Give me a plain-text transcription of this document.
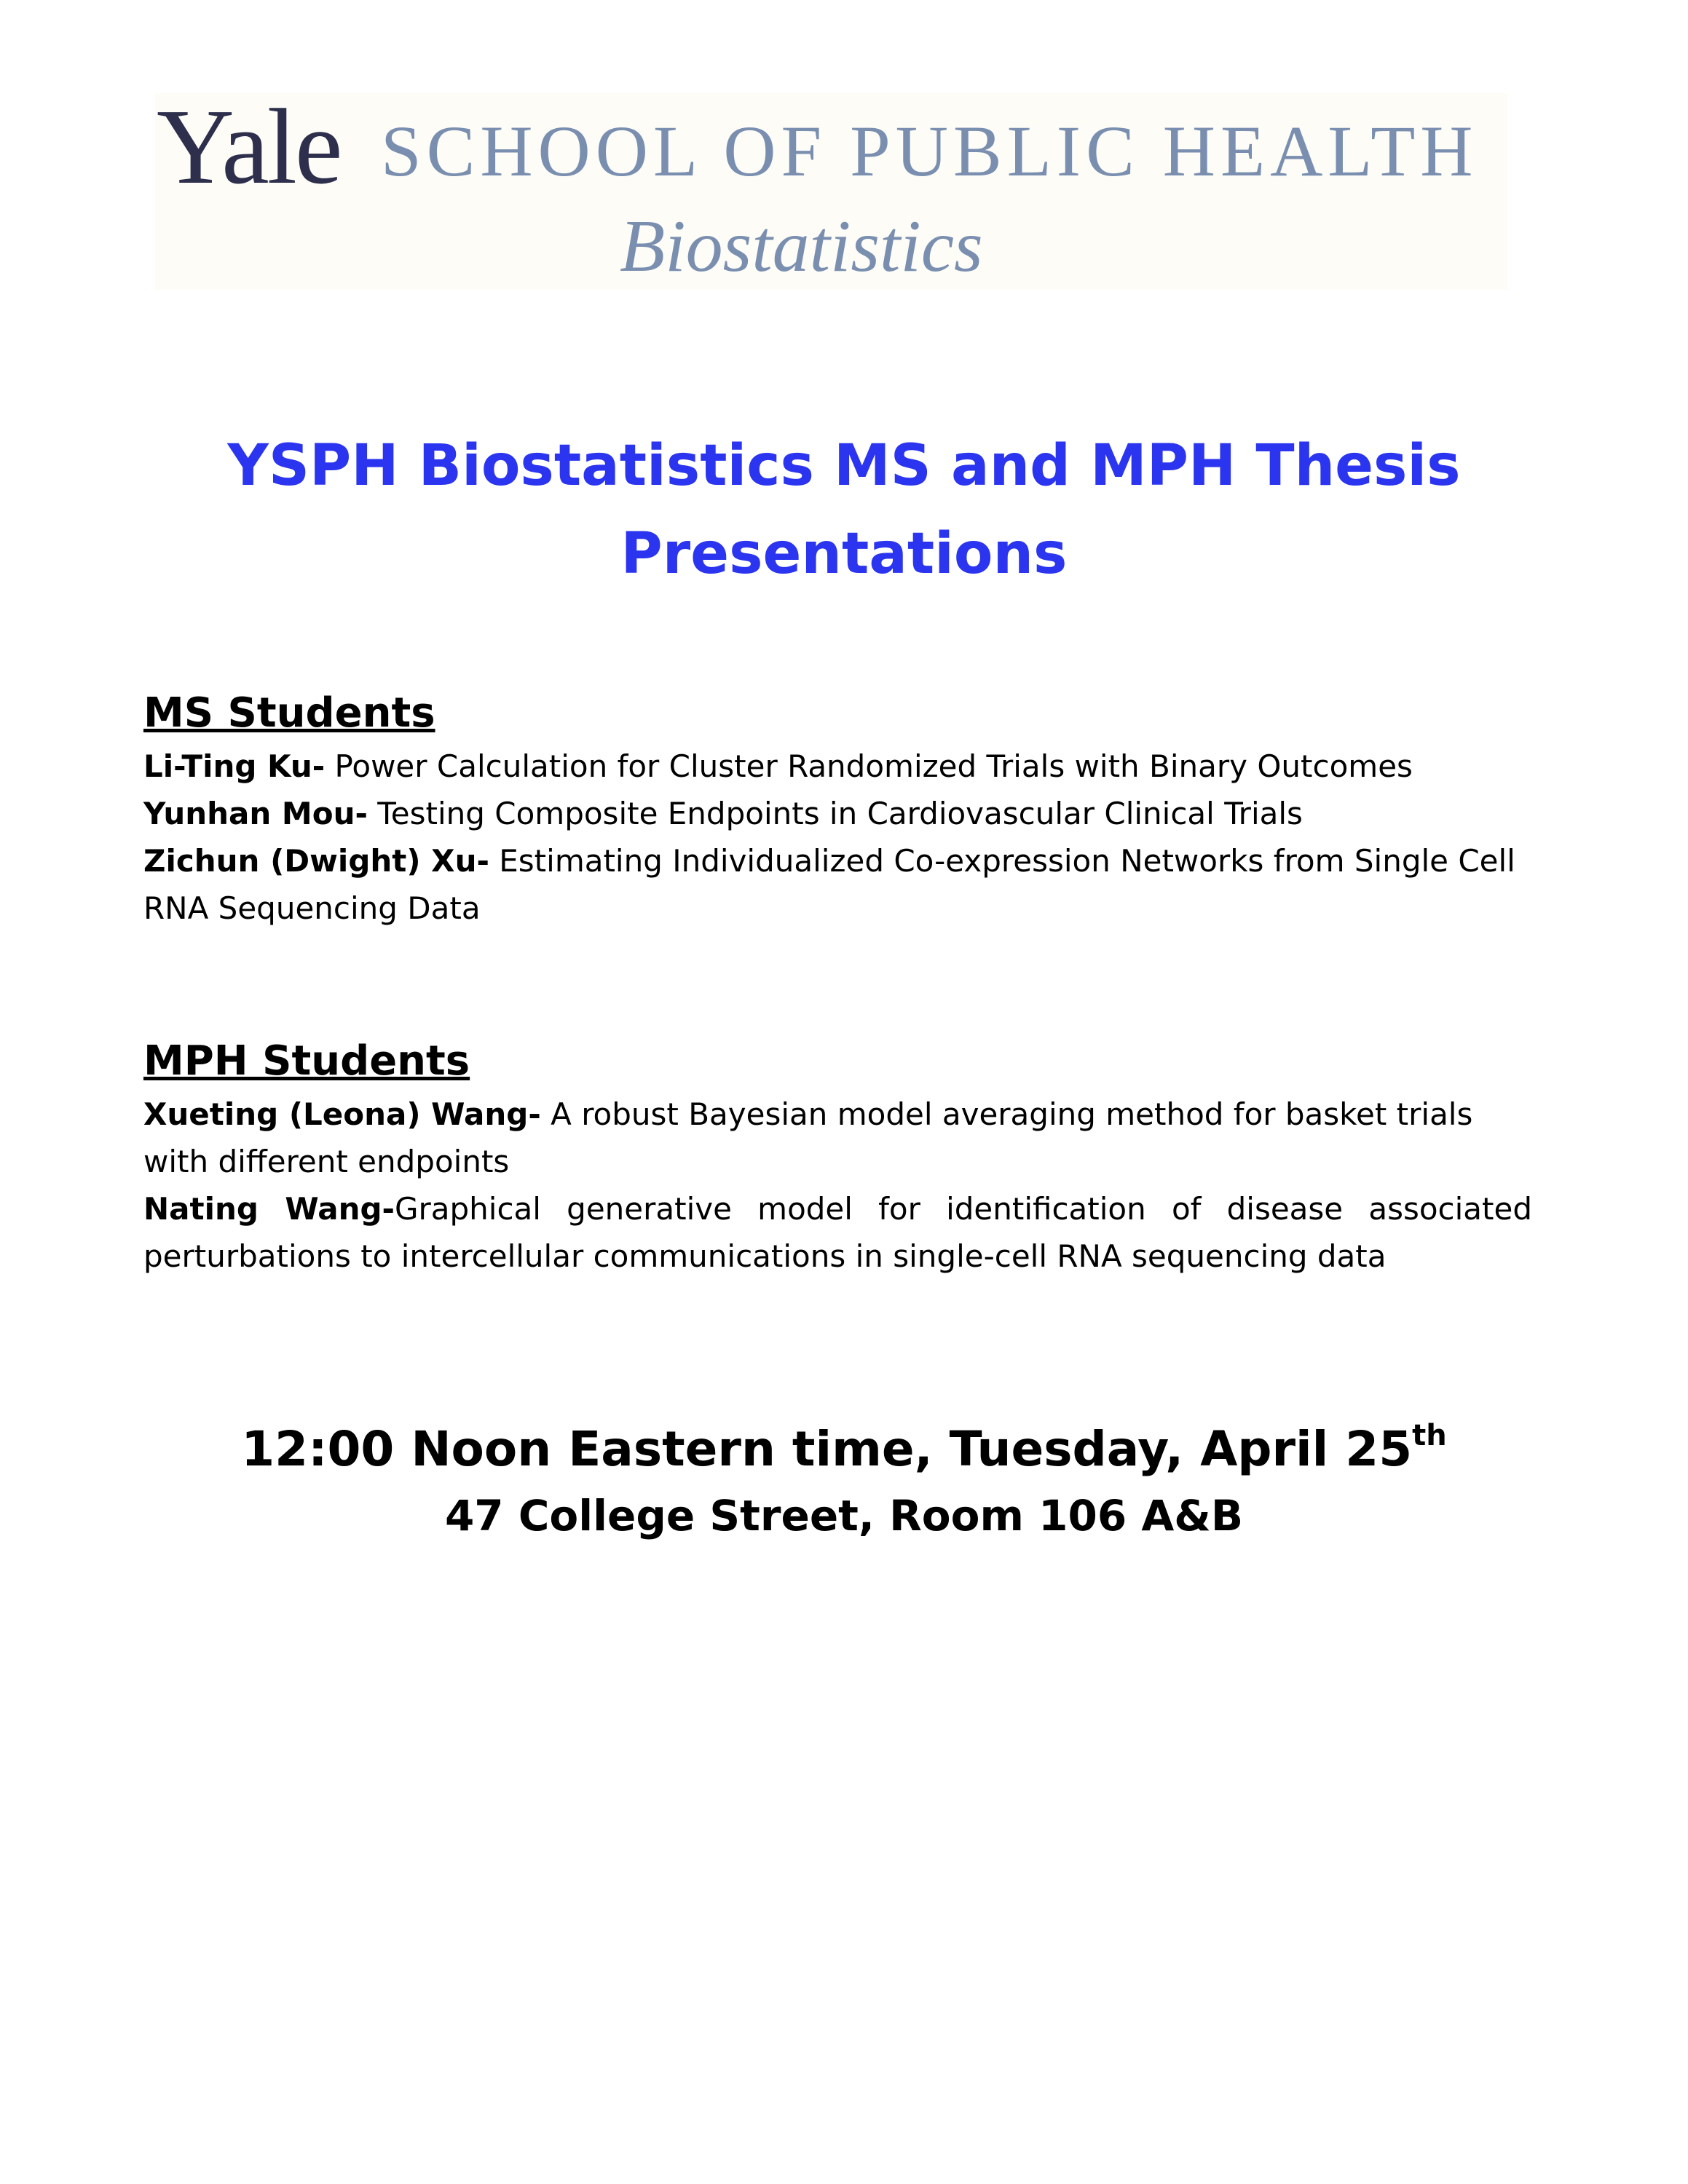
Yale SCHOOL OF PUBLIC HEALTH
Biostatistics
YSPH Biostatistics MS and MPH Thesis
Presentations

MS Students

Li-Ting Ku- Power Calculation for Cluster Randomized Trials with Binary Outcomes

Yunhan Mou- Testing Composite Endpoints in Cardiovascular Clinical Trials

Zichun (Dwight) Xu- Estimating Individualized Co-expression Networks from Single Cell RNA Sequencing Data

MPH Students

Xueting (Leona) Wang- A robust Bayesian model averaging method for basket trials with different endpoints

Nating Wang-Graphical generative model for identification of disease associated perturbations to intercellular communications in single-cell RNA sequencing data

12:00 Noon Eastern time, Tuesday, April 25th
47 College Street, Room 106 A&B
